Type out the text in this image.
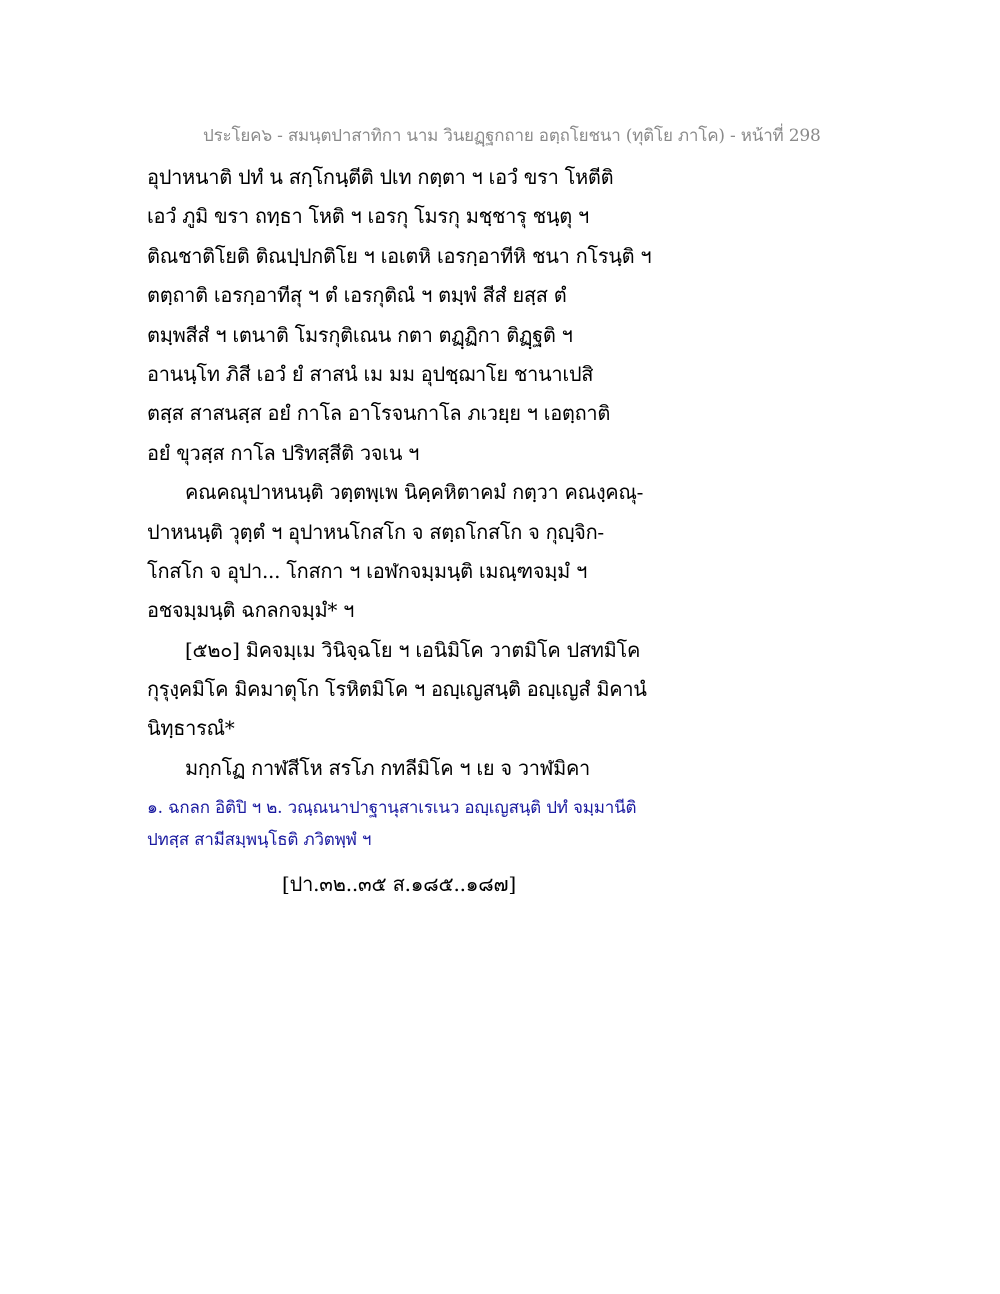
ประโยค๖ - สมนฺตปาสาทิกา นาม วินยฏฺฐกถาย อตฺถโยชนา (ทุติโย ภาโค) - หน้าที่ 298
อุปาหนาติ ปทํ น สกฺโกนฺตีติ ปเท กตฺตา ฯ เอวํ ขรา โหตีติ
เอวํ ภูมิ ขรา ถทฺธา โหติ ฯ เอรกุ โมรกุ มชฺชารุ ชนฺตุ ฯ
ติณชาติโยติ ติณปฺปกติโย ฯ เอเตหิ เอรกฺอาทีหิ ชนา กโรนฺติ ฯ
ตตฺถาติ เอรกฺอาทีสุ ฯ ตํ เอรกุติณํ ฯ ตมฺพํ สีสํ ยสฺส ตํ
ตมฺพสีสํ ฯ เตนาติ โมรกุติเณน กตา ตฏฺฏิกา ติฏฺฐติ ฯ
อานนฺโท ภิสี เอวํ ยํ สาสนํ เม มม อุปชฺฌาโย ชานาเปสิ
ตสฺส สาสนสฺส อยํ กาโล อาโรจนกาโล ภเวยฺย ฯ เอตฺถาติ
อยํ ขุวสฺส กาโล ปริทสฺสีติ วจเน ฯ
คณคณุปาหนนฺติ วตฺตพฺเพ นิคฺคหิตาคมํ กตฺวา คณงฺคณุ-
ปาหนนฺติ วุตฺตํ ฯ อุปาหนโกสโก จ สตฺถโกสโก จ กุญฺจิก-
โกสโก จ อุปา... โกสกา ฯ เอฬกจมฺมนฺติ เมณฺฑจมฺมํ ฯ
อชจมฺมนฺติ ฉกลกจมฺมํ* ฯ
[๕๒๐] มิคจมฺเม วินิจฺฉโย ฯ เอนิมิโค วาตมิโค ปสทมิโค
กุรุงฺคมิโค มิคมาตุโก โรหิตมิโค ฯ อญฺเญสนฺติ อญฺเญสํ มิคานํ
นิทฺธารณํ*
มกฺกโฏ กาฬสีโห สรโภ กทลีมิโค ฯ เย จ วาฬมิคา
๑. ฉกลก อิติปิ ฯ ๒. วณฺณนาปาฐานุสาเรเนว อญฺเญสนฺติ ปทํ จมฺมานีติ
ปทสฺส สามีสมฺพนฺโธติ ภวิตพฺพํ ฯ
[ปา.๓๒..๓๕ ส.๑๘๕..๑๘๗]
